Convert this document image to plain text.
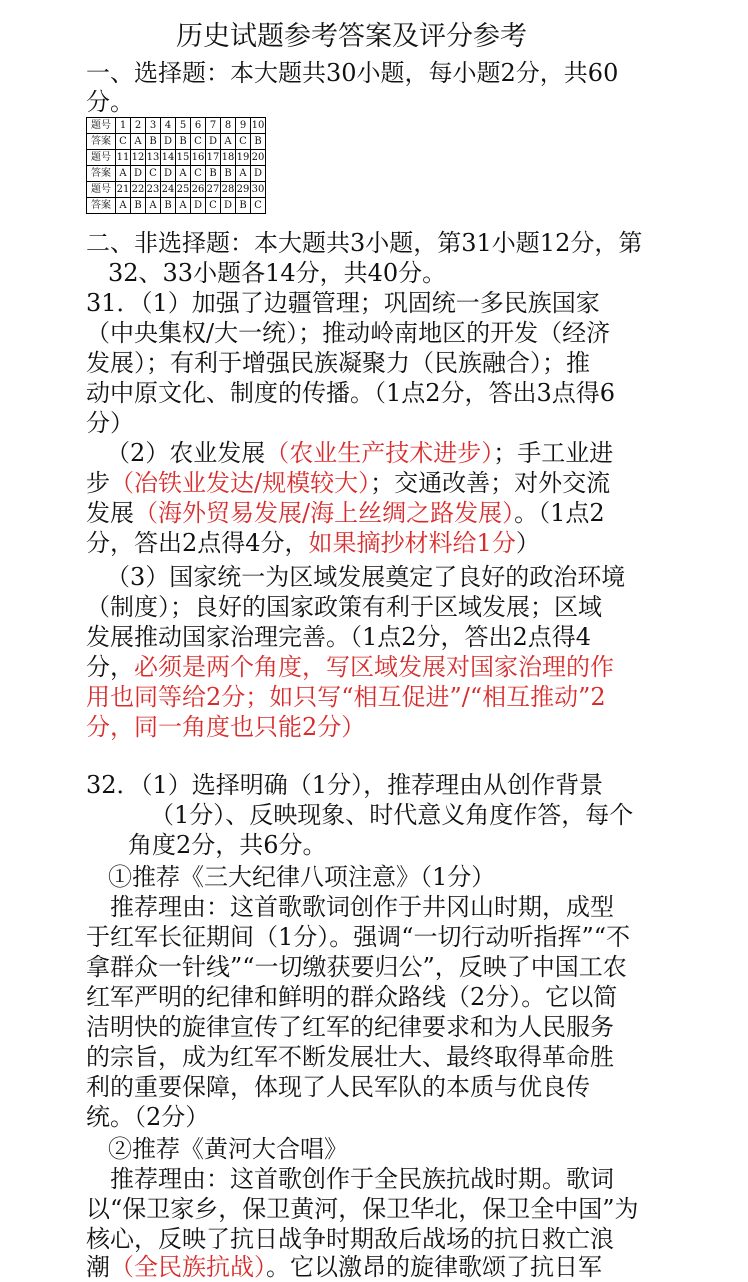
历史试题参考答案及评分参考
一、选择题：本大题共30小题，每小题2分，共60
分。
题号	1	2	3	4	5	6	7	8	9	10
答案	C	A	B	D	B	C	D	A	C	B
题号	11	12	13	14	15	16	17	18	19	20
答案	A	D	C	D	A	C	B	B	A	D
题号	21	22	23	24	25	26	27	28	29	30
答案	A	B	A	B	A	D	C	D	B	C
二、非选择题：本大题共3小题，第31小题12分，第
32、33小题各14分，共40分。
31．（1）加强了边疆管理；巩固统一多民族国家
（中央集权/大一统）；推动岭南地区的开发（经济
发展）；有利于增强民族凝聚力（民族融合）；推
动中原文化、制度的传播。（1点2分，答出3点得6
分）
（2）农业发展（农业生产技术进步）；手工业进
步（冶铁业发达/规模较大）；交通改善；对外交流
发展（海外贸易发展/海上丝绸之路发展）。（1点2
分，答出2点得4分，如果摘抄材料给1分）
（3）国家统一为区域发展奠定了良好的政治环境
（制度）；良好的国家政策有利于区域发展；区域
发展推动国家治理完善。（1点2分，答出2点得4
分，必须是两个角度，写区域发展对国家治理的作
用也同等给2分；如只写“相互促进”/“相互推动”2
分，同一角度也只能2分）
32．（1）选择明确（1分），推荐理由从创作背景
（1分）、反映现象、时代意义角度作答，每个
角度2分，共6分。
①推荐《三大纪律八项注意》（1分）
推荐理由：这首歌歌词创作于井冈山时期，成型
于红军长征期间（1分）。强调“一切行动听指挥”“不
拿群众一针线”“一切缴获要归公”，反映了中国工农
红军严明的纪律和鲜明的群众路线（2分）。它以简
洁明快的旋律宣传了红军的纪律要求和为人民服务
的宗旨，成为红军不断发展壮大、最终取得革命胜
利的重要保障，体现了人民军队的本质与优良传
统。（2分）
②推荐《黄河大合唱》
推荐理由：这首歌创作于全民族抗战时期。歌词
以“保卫家乡，保卫黄河，保卫华北，保卫全中国”为
核心，反映了抗日战争时期敌后战场的抗日救亡浪
潮（全民族抗战）。它以激昂的旋律歌颂了抗日军
